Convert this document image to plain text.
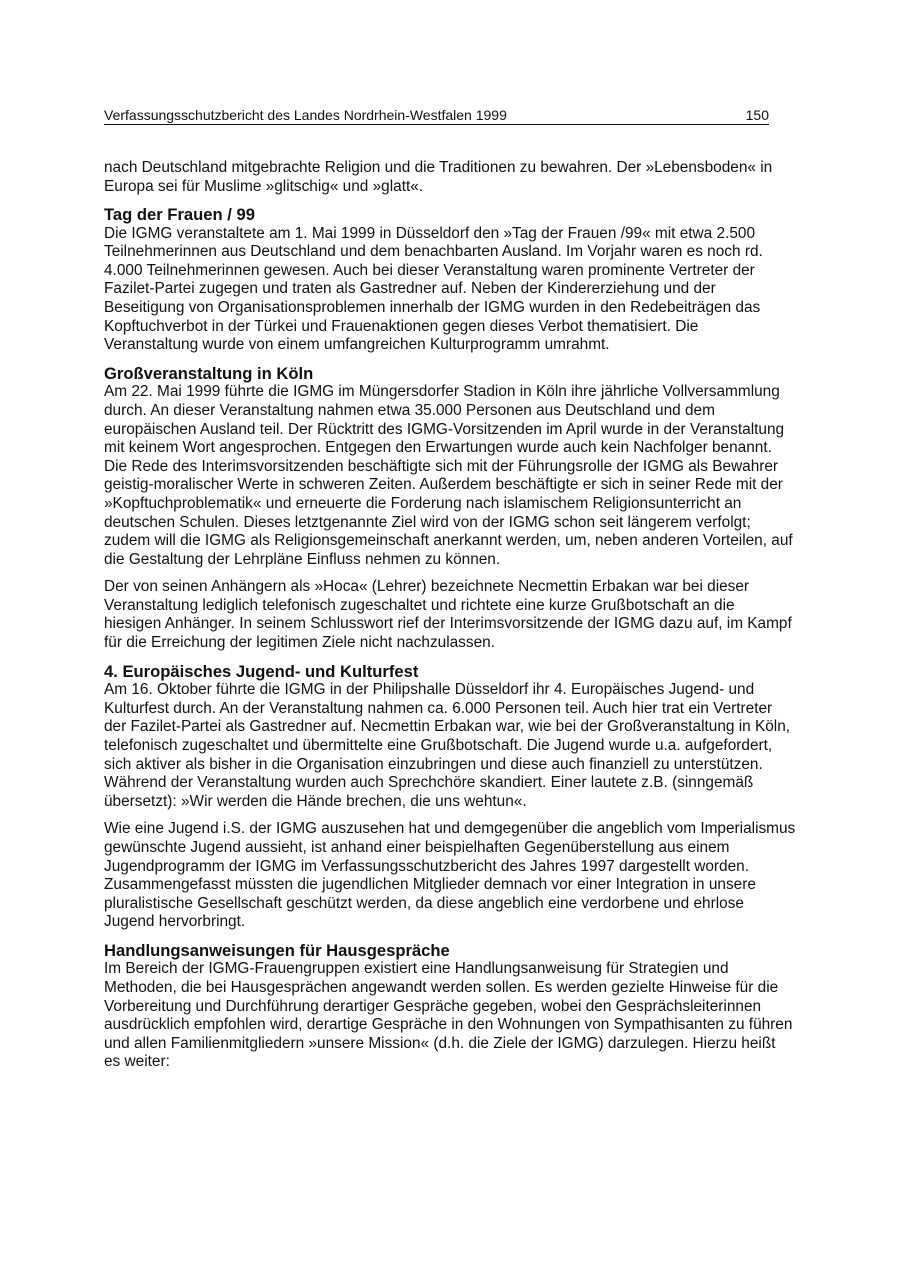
Verfassungsschutzbericht des Landes Nordrhein-Westfalen 1999	150

nach Deutschland mitgebrachte Religion und die Traditionen zu bewahren. Der »Lebensboden« in Europa sei für Muslime »glitschig« und »glatt«.

Tag der Frauen / 99

Die IGMG veranstaltete am 1. Mai 1999 in Düsseldorf den »Tag der Frauen /99« mit etwa 2.500 Teilnehmerinnen aus Deutschland und dem benachbarten Ausland. Im Vorjahr waren es noch rd. 4.000 Teilnehmerinnen gewesen. Auch bei dieser Veranstaltung waren prominente Vertreter der Fazilet-Partei zugegen und traten als Gastredner auf. Neben der Kindererziehung und der Beseitigung von Organisationsproblemen innerhalb der IGMG wurden in den Redebeiträgen das Kopftuchverbot in der Türkei und Frauenaktionen gegen dieses Verbot thematisiert. Die Veranstaltung wurde von einem umfangreichen Kulturprogramm umrahmt.

Großveranstaltung in Köln

Am 22. Mai 1999 führte die IGMG im Müngersdorfer Stadion in Köln ihre jährliche Vollversammlung durch. An dieser Veranstaltung nahmen etwa 35.000 Personen aus Deutschland und dem europäischen Ausland teil. Der Rücktritt des IGMG-Vorsitzenden im April wurde in der Veranstaltung mit keinem Wort angesprochen. Entgegen den Erwartungen wurde auch kein Nachfolger benannt. Die Rede des Interimsvorsitzenden beschäftigte sich mit der Führungsrolle der IGMG als Bewahrer geistig-moralischer Werte in schweren Zeiten. Außerdem beschäftigte er sich in seiner Rede mit der »Kopftuchproblematik« und erneuerte die Forderung nach islamischem Religionsunterricht an deutschen Schulen. Dieses letztgenannte Ziel wird von der IGMG schon seit längerem verfolgt; zudem will die IGMG als Religionsgemeinschaft anerkannt werden, um, neben anderen Vorteilen, auf die Gestaltung der Lehrpläne Einfluss nehmen zu können.

Der von seinen Anhängern als »Hoca« (Lehrer) bezeichnete Necmettin Erbakan war bei dieser Veranstaltung lediglich telefonisch zugeschaltet und richtete eine kurze Grußbotschaft an die hiesigen Anhänger. In seinem Schlusswort rief der Interimsvorsitzende der IGMG dazu auf, im Kampf für die Erreichung der legitimen Ziele nicht nachzulassen.

4. Europäisches Jugend- und Kulturfest

Am 16. Oktober führte die IGMG in der Philipshalle Düsseldorf ihr 4. Europäisches Jugend- und Kulturfest durch. An der Veranstaltung nahmen ca. 6.000 Personen teil. Auch hier trat ein Vertreter der Fazilet-Partei als Gastredner auf. Necmettin Erbakan war, wie bei der Großveranstaltung in Köln, telefonisch zugeschaltet und übermittelte eine Grußbotschaft. Die Jugend wurde u.a. aufgefordert, sich aktiver als bisher in die Organisation einzubringen und diese auch finanziell zu unterstützen. Während der Veranstaltung wurden auch Sprechchöre skandiert. Einer lautete z.B. (sinngemäß übersetzt): »Wir werden die Hände brechen, die uns wehtun«.

Wie eine Jugend i.S. der IGMG auszusehen hat und demgegenüber die angeblich vom Imperialismus gewünschte Jugend aussieht, ist anhand einer beispielhaften Gegenüberstellung aus einem Jugendprogramm der IGMG im Verfassungsschutzbericht des Jahres 1997 dargestellt worden. Zusammengefasst müssten die jugendlichen Mitglieder demnach vor einer Integration in unsere pluralistische Gesellschaft geschützt werden, da diese angeblich eine verdorbene und ehrlose Jugend hervorbringt.

Handlungsanweisungen für Hausgespräche

Im Bereich der IGMG-Frauengruppen existiert eine Handlungsanweisung für Strategien und Methoden, die bei Hausgesprächen angewandt werden sollen. Es werden gezielte Hinweise für die Vorbereitung und Durchführung derartiger Gespräche gegeben, wobei den Gesprächsleiterinnen ausdrücklich empfohlen wird, derartige Gespräche in den Wohnungen von Sympathisanten zu führen und allen Familienmitgliedern »unsere Mission« (d.h. die Ziele der IGMG) darzulegen. Hierzu heißt es weiter:
